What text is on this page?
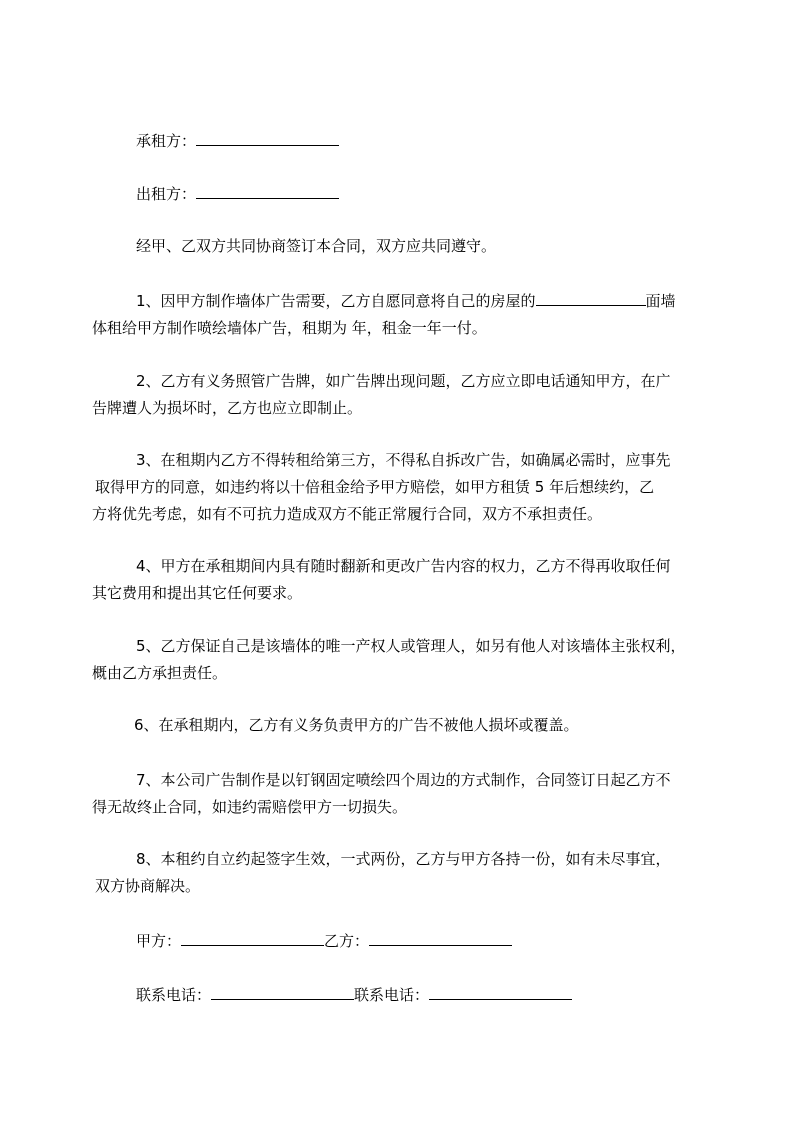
承租方：
出租方：
经甲、乙双方共同协商签订本合同，双方应共同遵守。
1、因甲方制作墙体广告需要，乙方自愿同意将自己的房屋的	面墙
体租给甲方制作喷绘墙体广告，租期为 年，租金一年一付。
2、乙方有义务照管广告牌，如广告牌出现问题，乙方应立即电话通知甲方，在广
告牌遭人为损坏时，乙方也应立即制止。
3、在租期内乙方不得转租给第三方，不得私自拆改广告，如确属必需时，应事先
取得甲方的同意，如违约将以十倍租金给予甲方赔偿，如甲方租赁 5 年后想续约，乙
方将优先考虑，如有不可抗力造成双方不能正常履行合同，双方不承担责任。
4、甲方在承租期间内具有随时翻新和更改广告内容的权力，乙方不得再收取任何
其它费用和提出其它任何要求。
5、乙方保证自己是该墙体的唯一产权人或管理人，如另有他人对该墙体主张权利，
概由乙方承担责任。
6、在承租期内，乙方有义务负责甲方的广告不被他人损坏或覆盖。
7、本公司广告制作是以钉钢固定喷绘四个周边的方式制作，合同签订日起乙方不
得无故终止合同，如违约需赔偿甲方一切损失。
8、本租约自立约起签字生效，一式两份，乙方与甲方各持一份，如有未尽事宜，
双方协商解决。
甲方：	乙方：
联系电话：	联系电话：
